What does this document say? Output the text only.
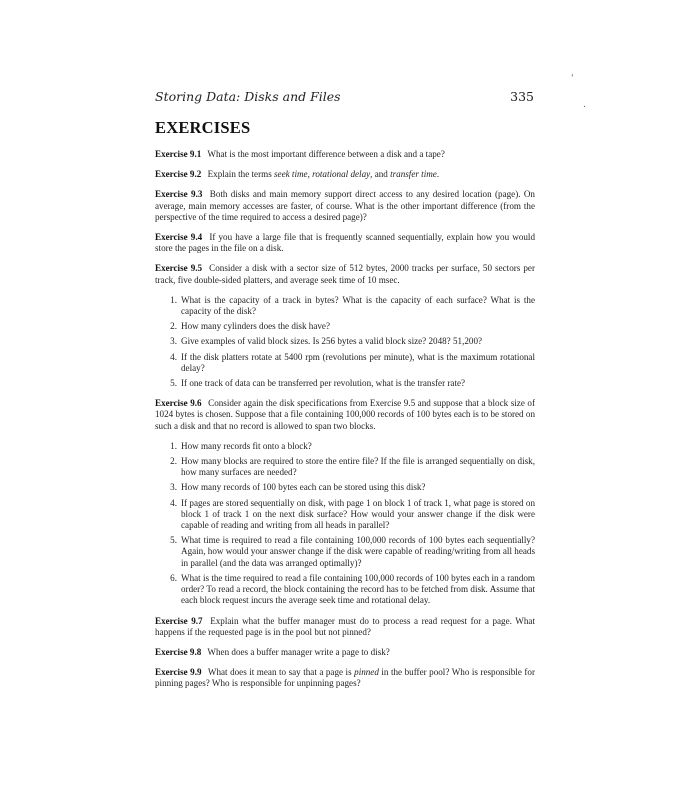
Storing Data: Disks and Files	335
'
.
EXERCISES

Exercise 9.1 What is the most important difference between a disk and a tape?

Exercise 9.2 Explain the terms seek time, rotational delay, and transfer time.

Exercise 9.3 Both disks and main memory support direct access to any desired location (page). On average, main memory accesses are faster, of course. What is the other important difference (from the perspective of the time required to access a desired page)?

Exercise 9.4 If you have a large file that is frequently scanned sequentially, explain how you would store the pages in the file on a disk.

Exercise 9.5 Consider a disk with a sector size of 512 bytes, 2000 tracks per surface, 50 sectors per track, five double-sided platters, and average seek time of 10 msec.

1. What is the capacity of a track in bytes? What is the capacity of each surface? What is the capacity of the disk?
2. How many cylinders does the disk have?
3. Give examples of valid block sizes. Is 256 bytes a valid block size? 2048? 51,200?
4. If the disk platters rotate at 5400 rpm (revolutions per minute), what is the maximum rotational delay?
5. If one track of data can be transferred per revolution, what is the transfer rate?

Exercise 9.6 Consider again the disk specifications from Exercise 9.5 and suppose that a block size of 1024 bytes is chosen. Suppose that a file containing 100,000 records of 100 bytes each is to be stored on such a disk and that no record is allowed to span two blocks.

1. How many records fit onto a block?
2. How many blocks are required to store the entire file? If the file is arranged sequentially on disk, how many surfaces are needed?
3. How many records of 100 bytes each can be stored using this disk?
4. If pages are stored sequentially on disk, with page 1 on block 1 of track 1, what page is stored on block 1 of track 1 on the next disk surface? How would your answer change if the disk were capable of reading and writing from all heads in parallel?
5. What time is required to read a file containing 100,000 records of 100 bytes each sequentially? Again, how would your answer change if the disk were capable of reading/writing from all heads in parallel (and the data was arranged optimally)?
6. What is the time required to read a file containing 100,000 records of 100 bytes each in a random order? To read a record, the block containing the record has to be fetched from disk. Assume that each block request incurs the average seek time and rotational delay.

Exercise 9.7 Explain what the buffer manager must do to process a read request for a page. What happens if the requested page is in the pool but not pinned?

Exercise 9.8 When does a buffer manager write a page to disk?

Exercise 9.9 What does it mean to say that a page is pinned in the buffer pool? Who is responsible for pinning pages? Who is responsible for unpinning pages?
